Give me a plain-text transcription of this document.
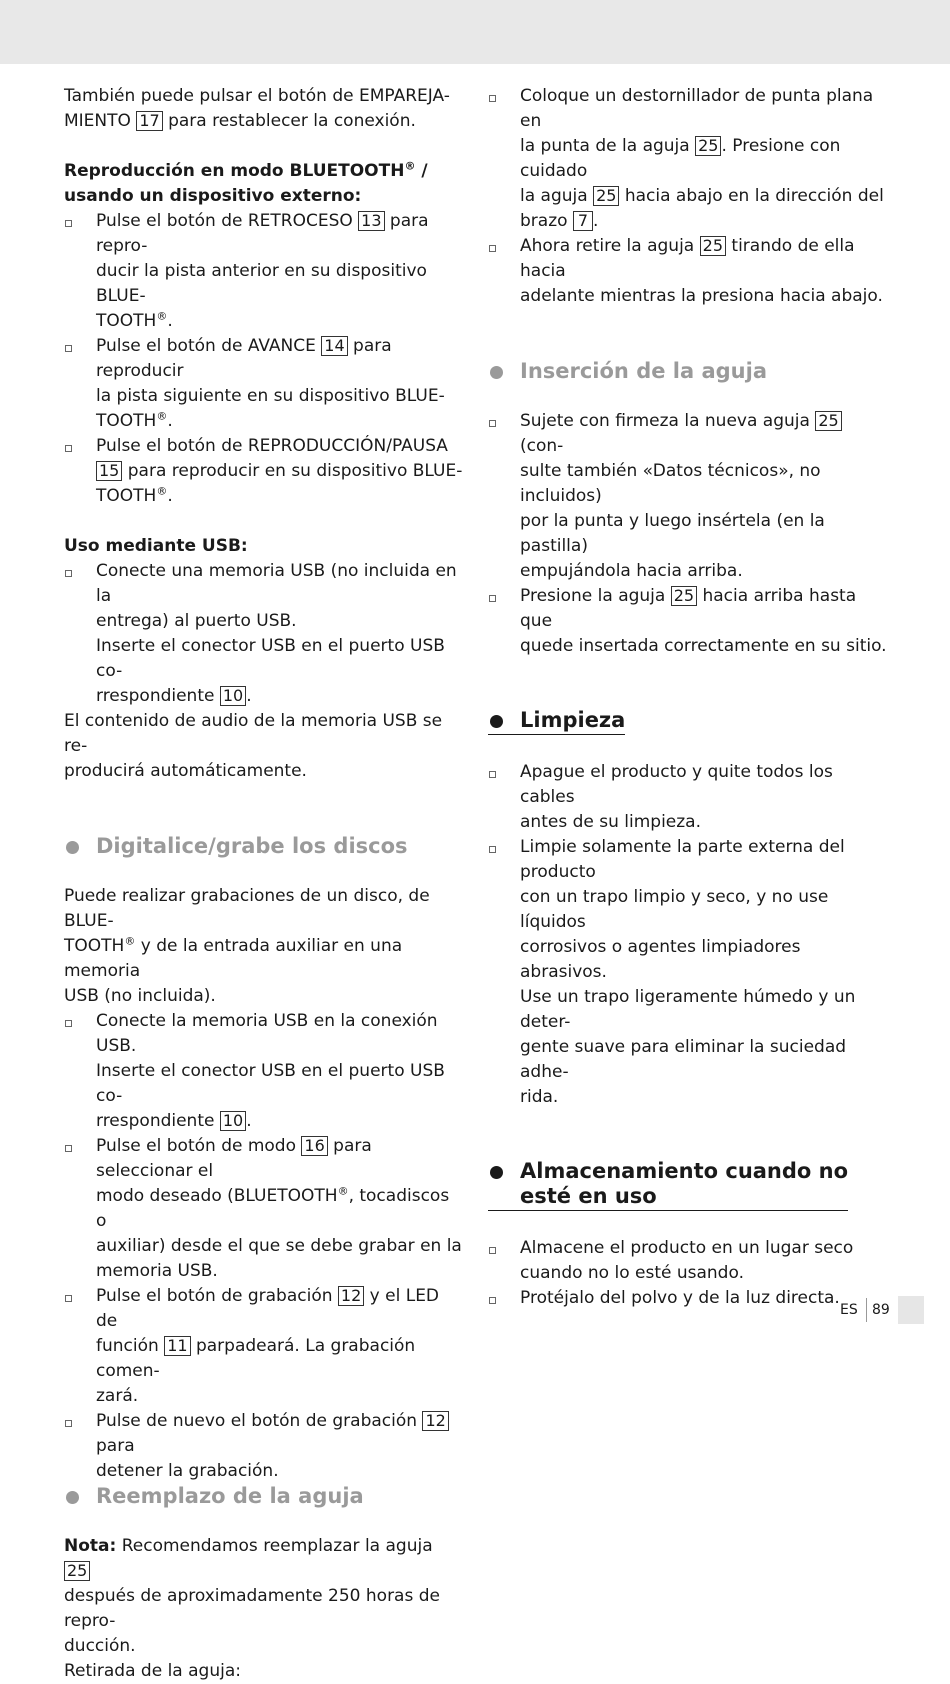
También puede pulsar el botón de EMPAREJA-
MIENTO 17 para restablecer la conexión.

Reproducción en modo BLUETOOTH® /
usando un dispositivo externo:

Pulse el botón de RETROCESO 13 para repro-
ducir la pista anterior en su dispositivo BLUE-
TOOTH®.
Pulse el botón de AVANCE 14 para reproducir
la pista siguiente en su dispositivo BLUE-
TOOTH®.
Pulse el botón de REPRODUCCIÓN/PAUSA
15 para reproducir en su dispositivo BLUE-
TOOTH®.

Uso mediante USB:

Conecte una memoria USB (no incluida en la
entrega) al puerto USB.
Inserte el conector USB en el puerto USB co-
rrespondiente 10 .

El contenido de audio de la memoria USB se re-
producirá automáticamente.

Digitalice/grabe los discos

Puede realizar grabaciones de un disco, de BLUE-
TOOTH® y de la entrada auxiliar en una memoria
USB (no incluida).

Conecte la memoria USB en la conexión USB.
Inserte el conector USB en el puerto USB co-
rrespondiente 10 .
Pulse el botón de modo 16 para seleccionar el
modo deseado (BLUETOOTH®, tocadiscos o
auxiliar) desde el que se debe grabar en la
memoria USB.
Pulse el botón de grabación 12 y el LED de
función 11 parpadeará. La grabación comen-
zará.
Pulse de nuevo el botón de grabación 12 para
detener la grabación.
Reemplazo de la aguja

Nota: Recomendamos reemplazar la aguja 25
después de aproximadamente 250 horas de repro-
ducción.

Retirada de la aguja:

Coloque un destornillador de punta plana en
la punta de la aguja 25 . Presione con cuidado
la aguja 25 hacia abajo en la dirección del
brazo 7 .
Ahora retire la aguja 25 tirando de ella hacia
adelante mientras la presiona hacia abajo.
Inserción de la aguja
Sujete con firmeza la nueva aguja 25 (con-
sulte también «Datos técnicos», no incluidos)
por la punta y luego insértela (en la pastilla)
empujándola hacia arriba.
Presione la aguja 25 hacia arriba hasta que
quede insertada correctamente en su sitio.
Limpieza
Apague el producto y quite todos los cables
antes de su limpieza.
Limpie solamente la parte externa del producto
con un trapo limpio y seco, y no use líquidos
corrosivos o agentes limpiadores abrasivos.
Use un trapo ligeramente húmedo y un deter-
gente suave para eliminar la suciedad adhe-
rida.
Almacenamiento cuando no
esté en uso
Almacene el producto en un lugar seco
cuando no lo esté usando.
Protéjalo del polvo y de la luz directa.
ES 89
